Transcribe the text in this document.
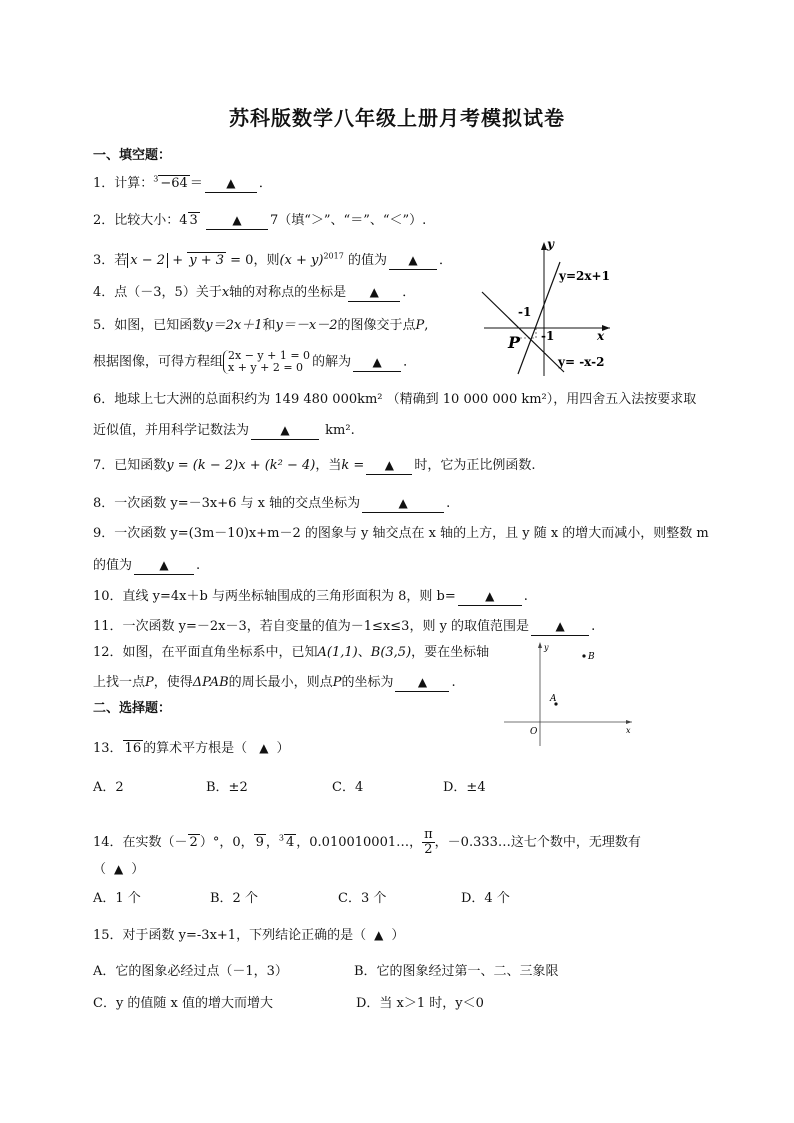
苏科版数学八年级上册月考模拟试卷
一、填空题：
1．计算：$^3$ −64 ＝ ▲ ．
2．比较大小：4 3	▲ 7（填“＞”、“＝”、“＜”）.
3．若 x − 2 + y + 3 = 0，则$(x + y)^{2017}$ 的值为 ▲ ．
4．点（－3，5）关于x轴的对称点的坐标是 ▲ ．
5．如图，已知函数y＝2x＋1和y＝－x－2的图像交于点P,
根据图像，可得方程组 2x − y + 1 = 0
x + y + 2 = 0 的解为 ▲ ．
y
x
y=2x+1
y= -x-2
-1
-1
P
6．地球上七大洲的总面积约为 149 480 000km² （精确到 10 000 000 km²），用四舍五入法按要求取
近似值，并用科学记数法为	▲	km².
7．已知函数y = (k − 2)x + (k² − 4)，当k = ▲ 时，它为正比例函数.
8．一次函数 y=－3x+6 与 x 轴的交点坐标为	▲	.
9．一次函数 y=(3m－10)x+m－2 的图象与 y 轴交点在 x 轴的上方，且 y 随 x 的增大而减小，则整数 m
的值为 ▲ .
10．直线 y=4x＋b 与两坐标轴围成的三角形面积为 8，则 b= ▲ .
11．一次函数 y=－2x－3，若自变量的值为－1≤x≤3，则 y 的取值范围是 ▲ .
12．如图，在平面直角坐标系中，已知A(1,1)、B(3,5)，要在坐标轴
上找一点P，使得ΔPAB的周长最小，则点P的坐标为 ▲ .
y
x
O
A
B
二、选择题：
13． 16 的算术平方根是（ ▲ ）
A．2	B．±2	C．4	D．±4
14．在实数（－ 2 ）°，0， 9 ，$^3$ 4 ，0.010010001…， $\frac{\pi}{2}$ ，－0.333…这七个数中，无理数有
（ ▲ ）
A．1 个	B．2 个	C．3 个	D．4 个
15．对于函数 y=-3x+1，下列结论正确的是（ ▲ ）
A．它的图象必经过点（－1，3）	B．它的图象经过第一、二、三象限
C．y 的值随 x 值的增大而增大	D．当 x＞1 时，y＜0
